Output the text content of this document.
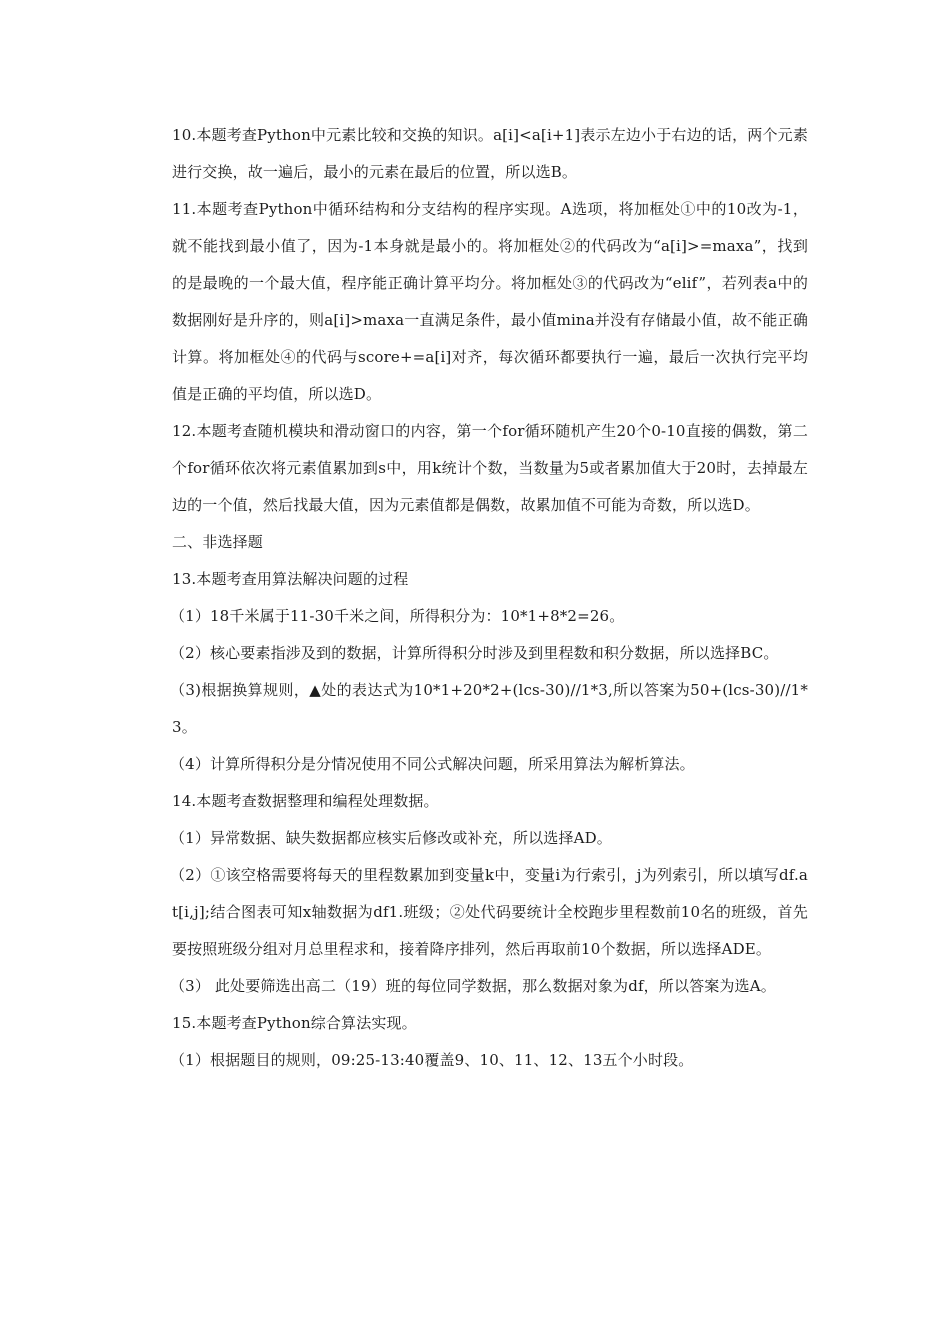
10.本题考查Python中元素比较和交换的知识。a[i]<a[i+1]表示左边小于右边的话，两个元素进行交换，故一遍后，最小的元素在最后的位置，所以选B。

11.本题考查Python中循环结构和分支结构的程序实现。A选项，将加框处①中的10改为-1，就不能找到最小值了，因为-1本身就是最小的。将加框处②的代码改为“a[i]>=maxa”，找到的是最晚的一个最大值，程序能正确计算平均分。将加框处③的代码改为“elif”，若列表a中的数据刚好是升序的，则a[i]>maxa一直满足条件，最小值mina并没有存储最小值，故不能正确计算。将加框处④的代码与score+=a[i]对齐，每次循环都要执行一遍，最后一次执行完平均值是正确的平均值，所以选D。

12.本题考查随机模块和滑动窗口的内容，第一个for循环随机产生20个0-10直接的偶数，第二个for循环依次将元素值累加到s中，用k统计个数，当数量为5或者累加值大于20时，去掉最左边的一个值，然后找最大值，因为元素值都是偶数，故累加值不可能为奇数，所以选D。

二、非选择题

13.本题考查用算法解决问题的过程

（1）18千米属于11-30千米之间，所得积分为：10*1+8*2=26。

（2）核心要素指涉及到的数据，计算所得积分时涉及到里程数和积分数据，所以选择BC。

（3)根据换算规则，▲处的表达式为10*1+20*2+(lcs-30)//1*3,所以答案为50+(lcs-30)//1*3。

（4）计算所得积分是分情况使用不同公式解决问题，所采用算法为解析算法。

14.本题考查数据整理和编程处理数据。

（1）异常数据、缺失数据都应核实后修改或补充，所以选择AD。

（2）①该空格需要将每天的里程数累加到变量k中，变量i为行索引，j为列索引，所以填写df.at[i,j];结合图表可知x轴数据为df1.班级；②处代码要统计全校跑步里程数前10名的班级，首先要按照班级分组对月总里程求和，接着降序排列，然后再取前10个数据，所以选择ADE。

（3） 此处要筛选出高二（19）班的每位同学数据，那么数据对象为df，所以答案为选A。

15.本题考查Python综合算法实现。

（1）根据题目的规则，09:25-13:40覆盖9、10、11、12、13五个小时段。
